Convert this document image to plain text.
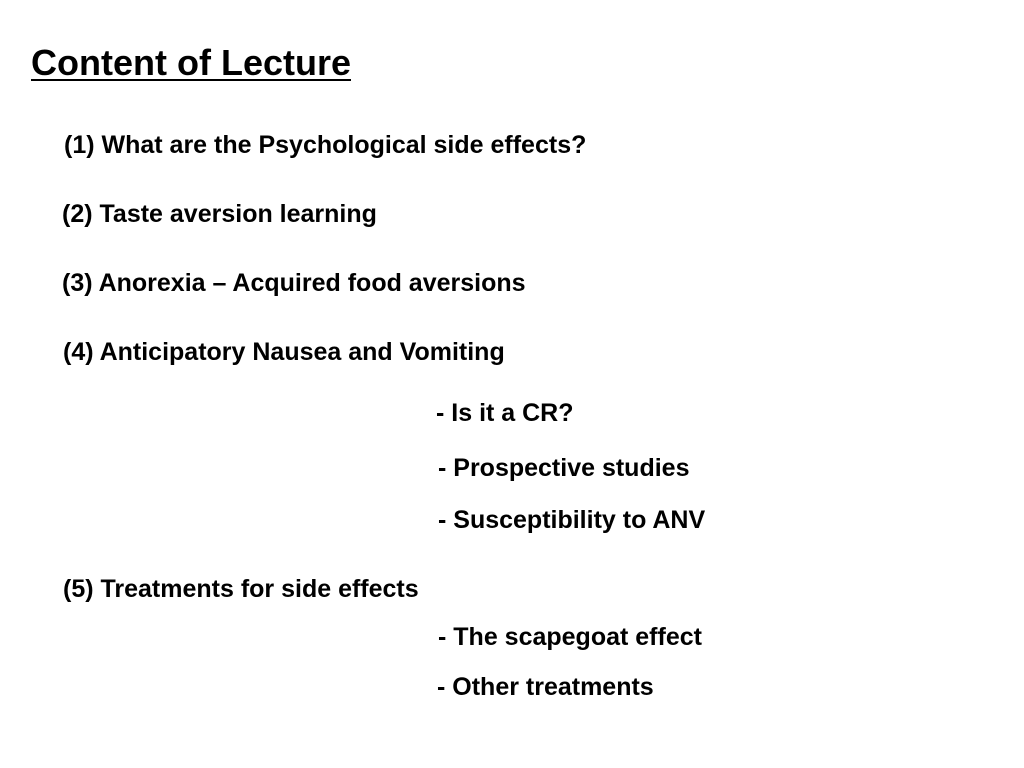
Content of Lecture
(1) What are the Psychological side effects?
(2) Taste aversion learning
(3) Anorexia – Acquired food aversions
(4) Anticipatory Nausea and Vomiting
- Is it a CR?
- Prospective studies
- Susceptibility to ANV
(5) Treatments for side effects
- The scapegoat effect
- Other treatments
